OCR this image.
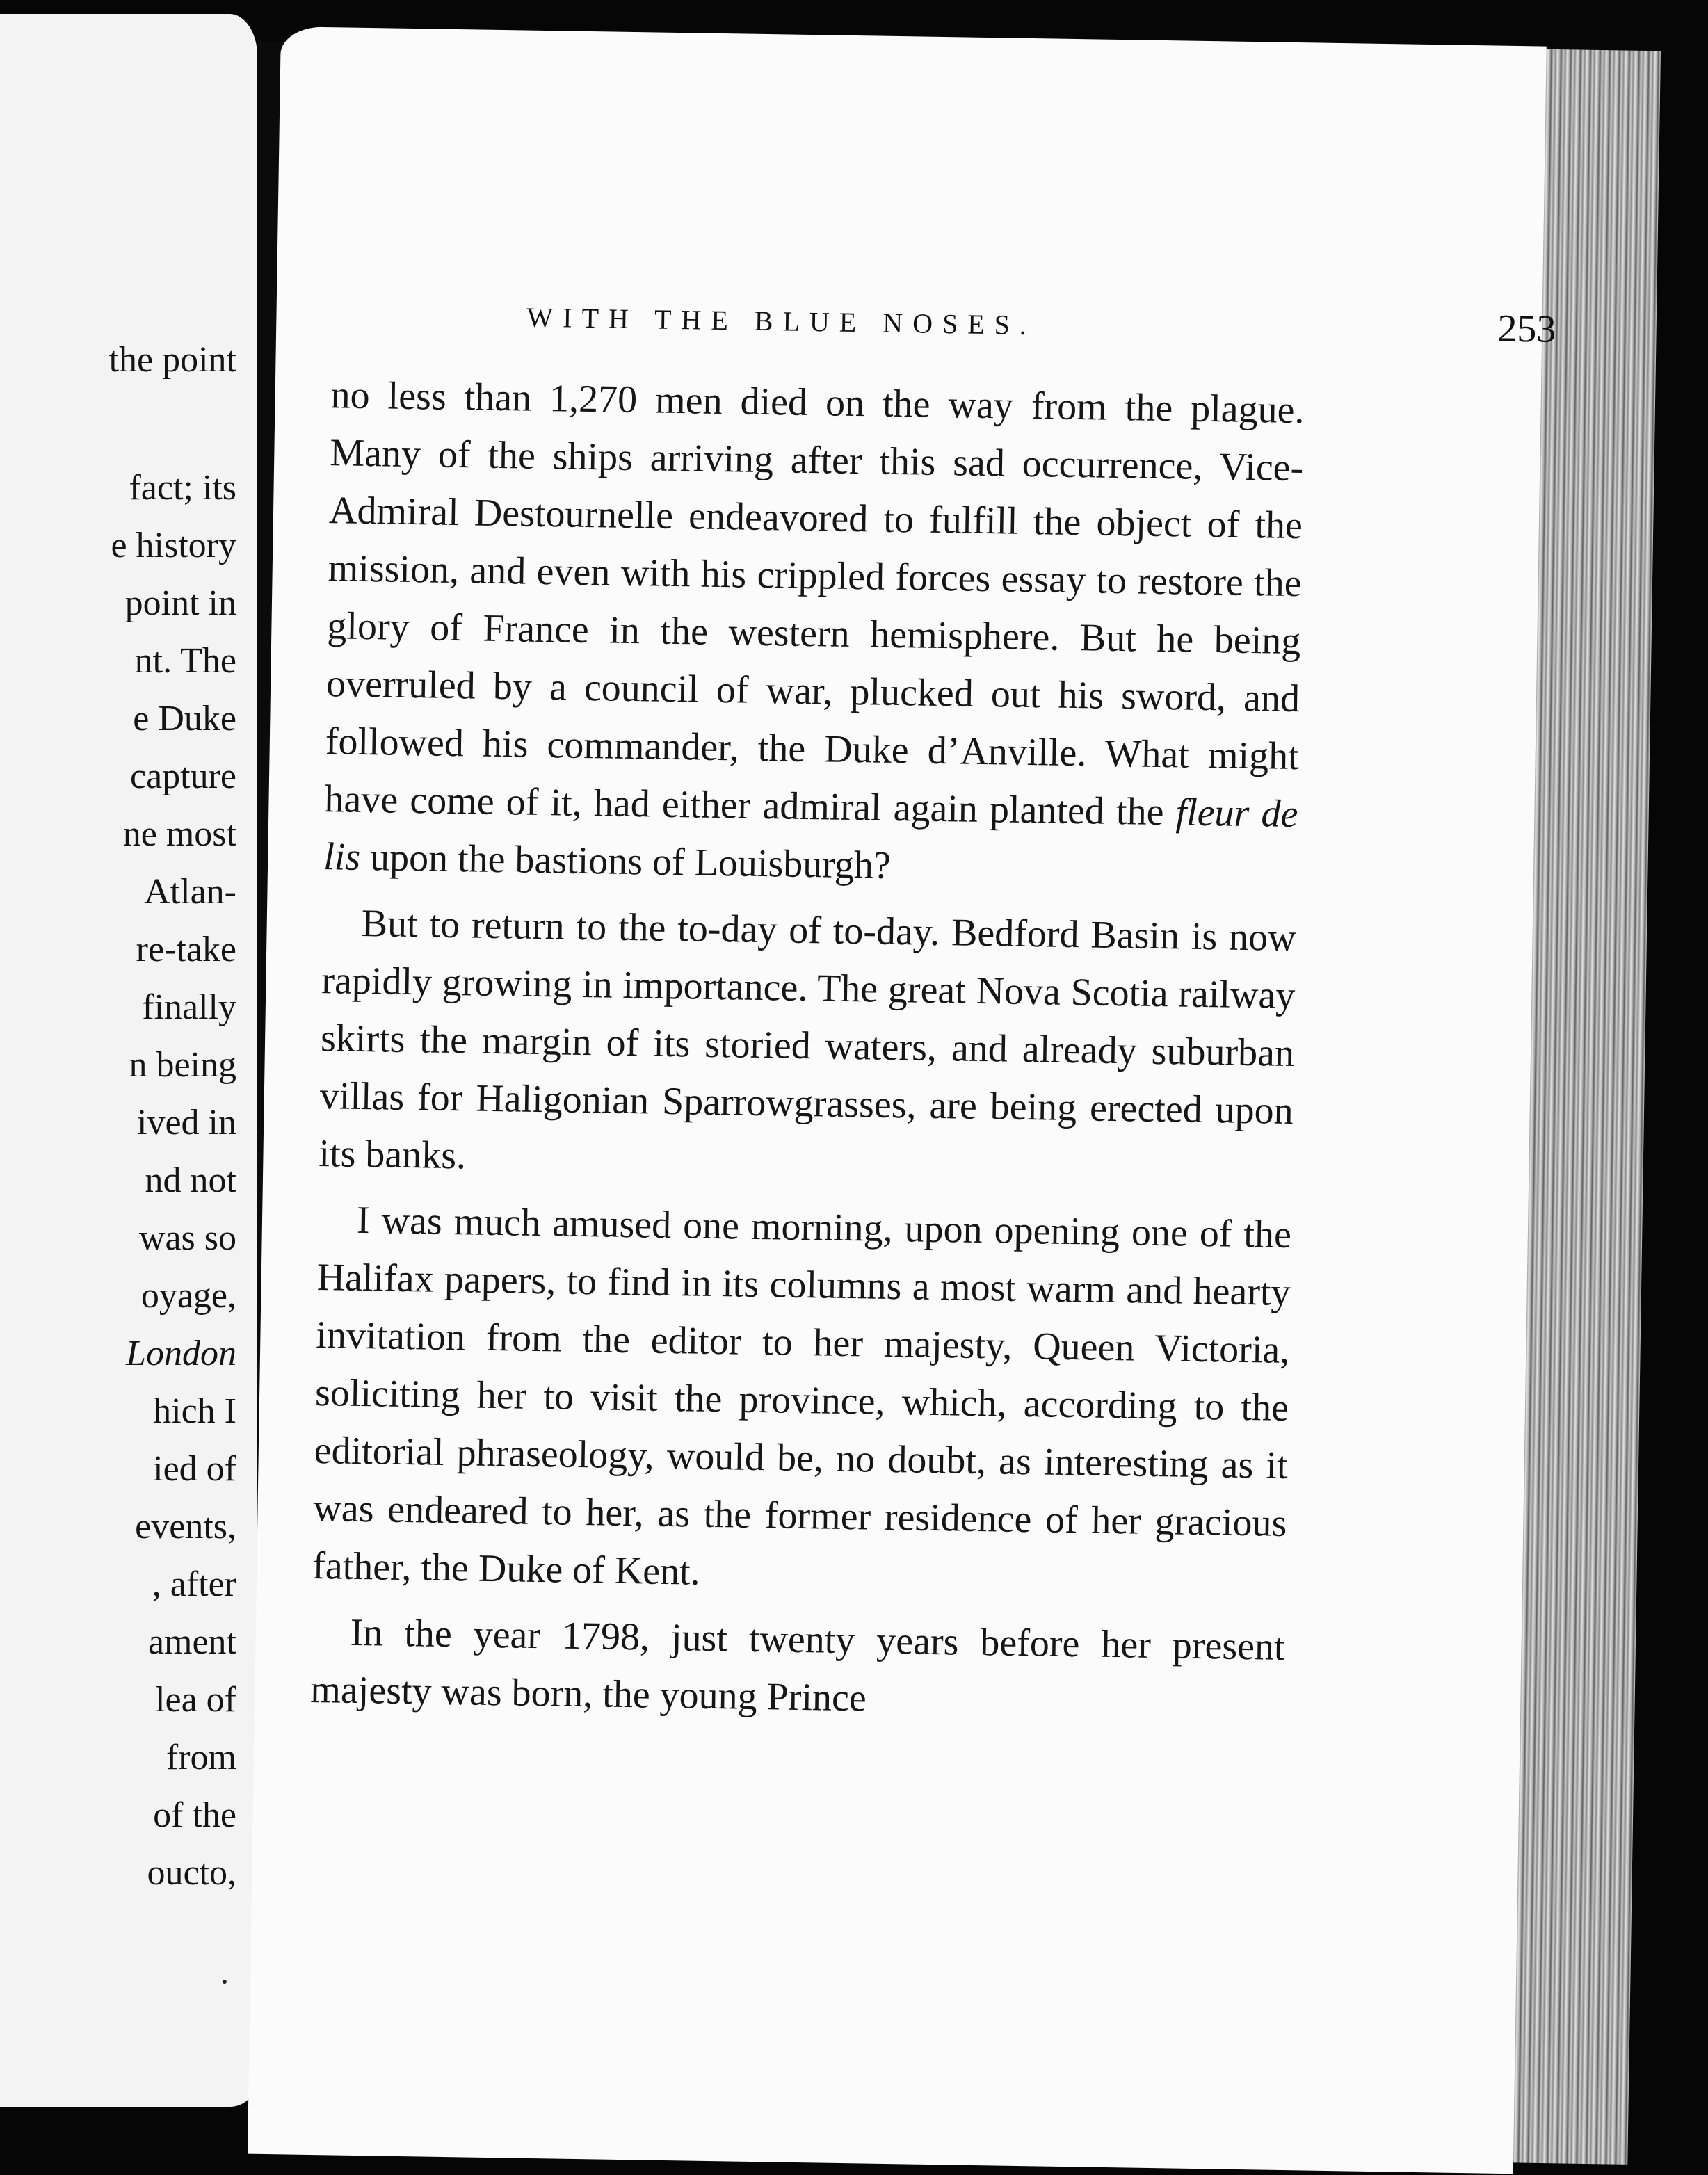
the point
fact; its
e history
point in
nt. The
e Duke
capture
ne most
Atlan-
re-take
finally
n being
ived in
nd not
was so
oyage,
London
hich I
ied of
events,
, after
ament
lea of
from
of the
oucto,
WITH THE BLUE NOSES.	253

no less than 1,270 men died on the way from the plague. Many of the ships arriving after this sad occurrence, Vice-Admiral Destournelle endeavored to fulfill the object of the mission, and even with his crippled forces essay to restore the glory of France in the western hemisphere. But he being overruled by a council of war, plucked out his sword, and followed his commander, the Duke d’Anville. What might have come of it, had either admiral again planted the fleur de lis upon the bastions of Louisburgh?

But to return to the to-day of to-day. Bedford Basin is now rapidly growing in importance. The great Nova Scotia railway skirts the margin of its storied waters, and already suburban villas for Haligonian Sparrowgrasses, are being erected upon its banks.

I was much amused one morning, upon opening one of the Halifax papers, to find in its columns a most warm and hearty invitation from the editor to her majesty, Queen Victoria, soliciting her to visit the province, which, according to the editorial phraseology, would be, no doubt, as interesting as it was endeared to her, as the former residence of her gracious father, the Duke of Kent.

In the year 1798, just twenty years before her present majesty was born, the young Prince
